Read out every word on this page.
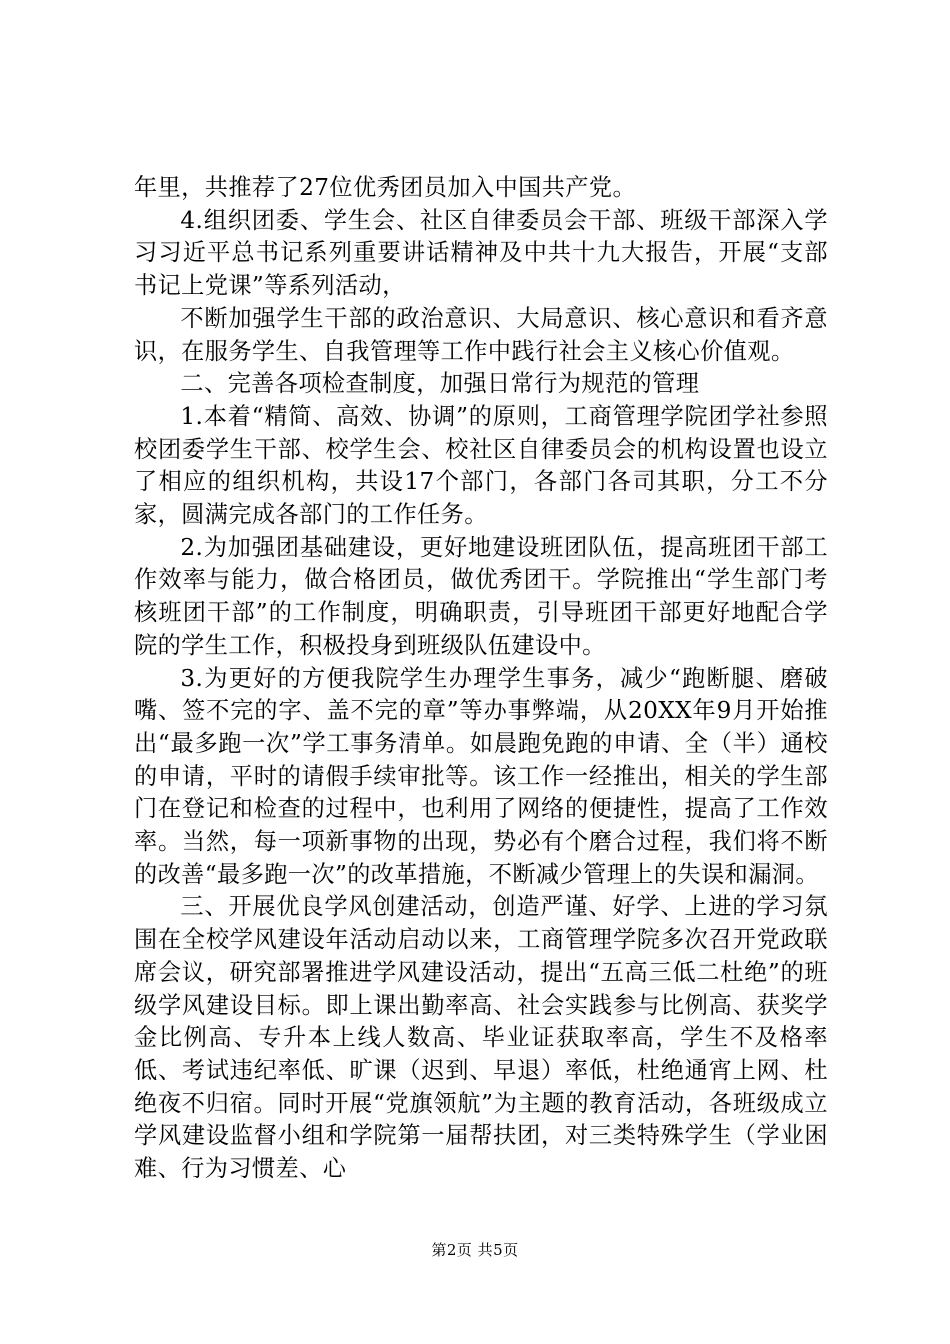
年里，共推荐了27位优秀团员加入中国共产党。

4.组织团委、学生会、社区自律委员会干部、班级干部深入学习习近平总书记系列重要讲话精神及中共十九大报告，开展“支部书记上党课”等系列活动，

不断加强学生干部的政治意识、大局意识、核心意识和看齐意识，在服务学生、自我管理等工作中践行社会主义核心价值观。

二、完善各项检查制度，加强日常行为规范的管理

1.本着“精简、高效、协调”的原则，工商管理学院团学社参照校团委学生干部、校学生会、校社区自律委员会的机构设置也设立了相应的组织机构，共设17个部门，各部门各司其职，分工不分家，圆满完成各部门的工作任务。

2.为加强团基础建设，更好地建设班团队伍，提高班团干部工作效率与能力，做合格团员，做优秀团干。学院推出“学生部门考核班团干部”的工作制度，明确职责，引导班团干部更好地配合学院的学生工作，积极投身到班级队伍建设中。

3.为更好的方便我院学生办理学生事务，减少“跑断腿、磨破嘴、签不完的字、盖不完的章”等办事弊端，从20XX年9月开始推出“最多跑一次”学工事务清单。如晨跑免跑的申请、全（半）通校的申请，平时的请假手续审批等。该工作一经推出，相关的学生部门在登记和检查的过程中，也利用了网络的便捷性，提高了工作效率。当然，每一项新事物的出现，势必有个磨合过程，我们将不断的改善“最多跑一次”的改革措施，不断减少管理上的失误和漏洞。

三、开展优良学风创建活动，创造严谨、好学、上进的学习氛围在全校学风建设年活动启动以来，工商管理学院多次召开党政联席会议，研究部署推进学风建设活动，提出“五高三低二杜绝”的班级学风建设目标。即上课出勤率高、社会实践参与比例高、获奖学金比例高、专升本上线人数高、毕业证获取率高，学生不及格率低、考试违纪率低、旷课（迟到、早退）率低，杜绝通宵上网、杜绝夜不归宿。同时开展“党旗领航”为主题的教育活动，各班级成立学风建设监督小组和学院第一届帮扶团，对三类特殊学生（学业困难、行为习惯差、心

第2页 共5页
